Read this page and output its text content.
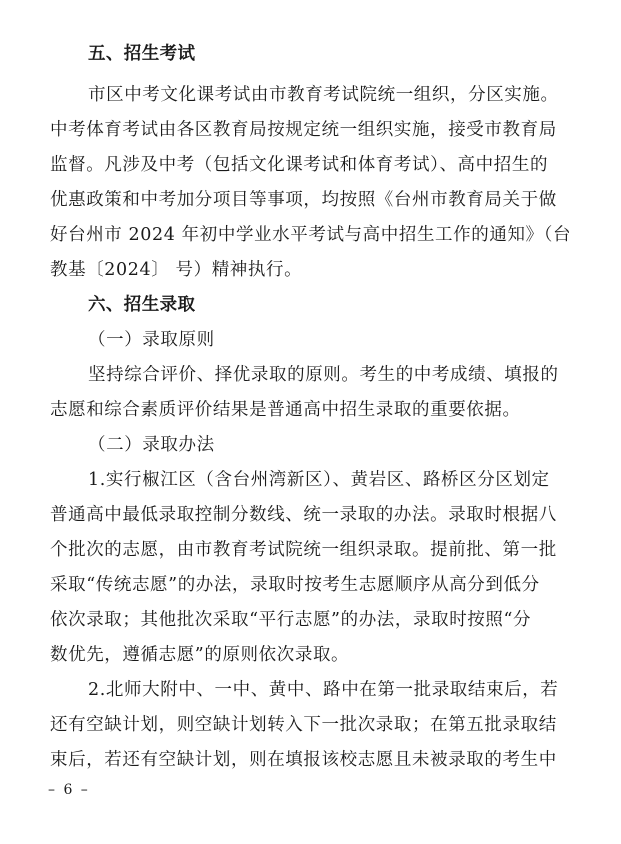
五、招生考试
市区中考文化课考试由市教育考试院统一组织，分区实施。
中考体育考试由各区教育局按规定统一组织实施，接受市教育局
监督。凡涉及中考（包括文化课考试和体育考试）、高中招生的
优惠政策和中考加分项目等事项，均按照《台州市教育局关于做
好台州市 2024 年初中学业水平考试与高中招生工作的通知》（台
教基〔2024〕 号）精神执行。
六、招生录取
（一）录取原则
坚持综合评价、择优录取的原则。考生的中考成绩、填报的
志愿和综合素质评价结果是普通高中招生录取的重要依据。
（二）录取办法
1.实行椒江区（含台州湾新区）、黄岩区、路桥区分区划定
普通高中最低录取控制分数线、统一录取的办法。录取时根据八
个批次的志愿，由市教育考试院统一组织录取。提前批、第一批
采取“传统志愿”的办法，录取时按考生志愿顺序从高分到低分
依次录取；其他批次采取“平行志愿”的办法，录取时按照“分
数优先，遵循志愿”的原则依次录取。
2.北师大附中、一中、黄中、路中在第一批录取结束后，若
还有空缺计划，则空缺计划转入下一批次录取；在第五批录取结
束后，若还有空缺计划，则在填报该校志愿且未被录取的考生中
– 6 –
